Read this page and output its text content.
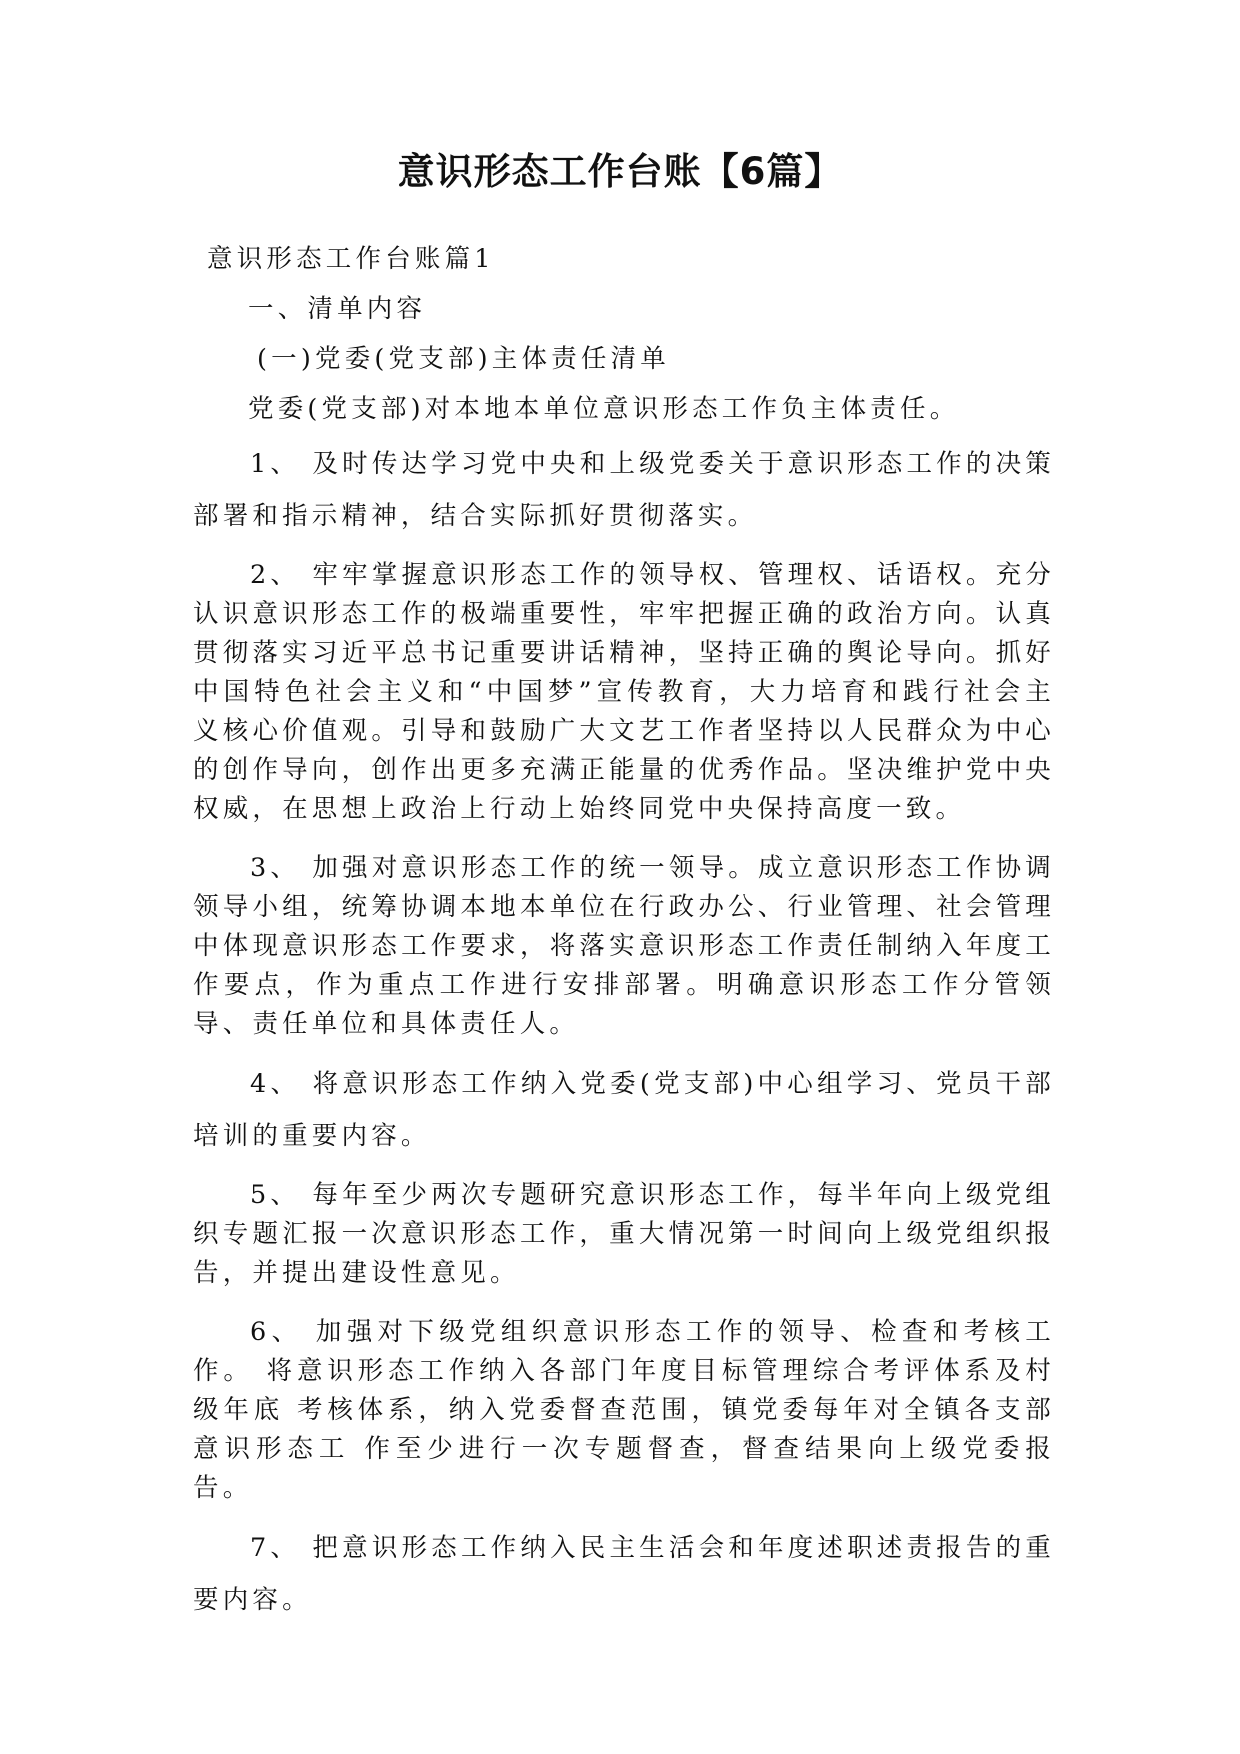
意识形态工作台账【6篇】

意识形态工作台账篇1

一、清单内容

(一)党委(党支部)主体责任清单

党委(党支部)对本地本单位意识形态工作负主体责任。

1、 及时传达学习党中央和上级党委关于意识形态工作的决策部署和指示精神，结合实际抓好贯彻落实。

2、 牢牢掌握意识形态工作的领导权、管理权、话语权。充分认识意识形态工作的极端重要性，牢牢把握正确的政治方向。认真贯彻落实习近平总书记重要讲话精神，坚持正确的舆论导向。抓好中国特色社会主义和“中国梦”宣传教育，大力培育和践行社会主义核心价值观。引导和鼓励广大文艺工作者坚持以人民群众为中心的创作导向，创作出更多充满正能量的优秀作品。坚决维护党中央权威，在思想上政治上行动上始终同党中央保持高度一致。

3、 加强对意识形态工作的统一领导。成立意识形态工作协调领导小组，统筹协调本地本单位在行政办公、行业管理、社会管理中体现意识形态工作要求，将落实意识形态工作责任制纳入年度工作要点，作为重点工作进行安排部署。明确意识形态工作分管领导、责任单位和具体责任人。

4、 将意识形态工作纳入党委(党支部)中心组学习、党员干部培训的重要内容。

5、 每年至少两次专题研究意识形态工作，每半年向上级党组织专题汇报一次意识形态工作，重大情况第一时间向上级党组织报告，并提出建设性意见。

6、 加强对下级党组织意识形态工作的领导、检查和考核工作。 将意识形态工作纳入各部门年度目标管理综合考评体系及村级年底 考核体系，纳入党委督查范围，镇党委每年对全镇各支部意识形态工 作至少进行一次专题督查，督查结果向上级党委报告。

7、 把意识形态工作纳入民主生活会和年度述职述责报告的重要内容。
